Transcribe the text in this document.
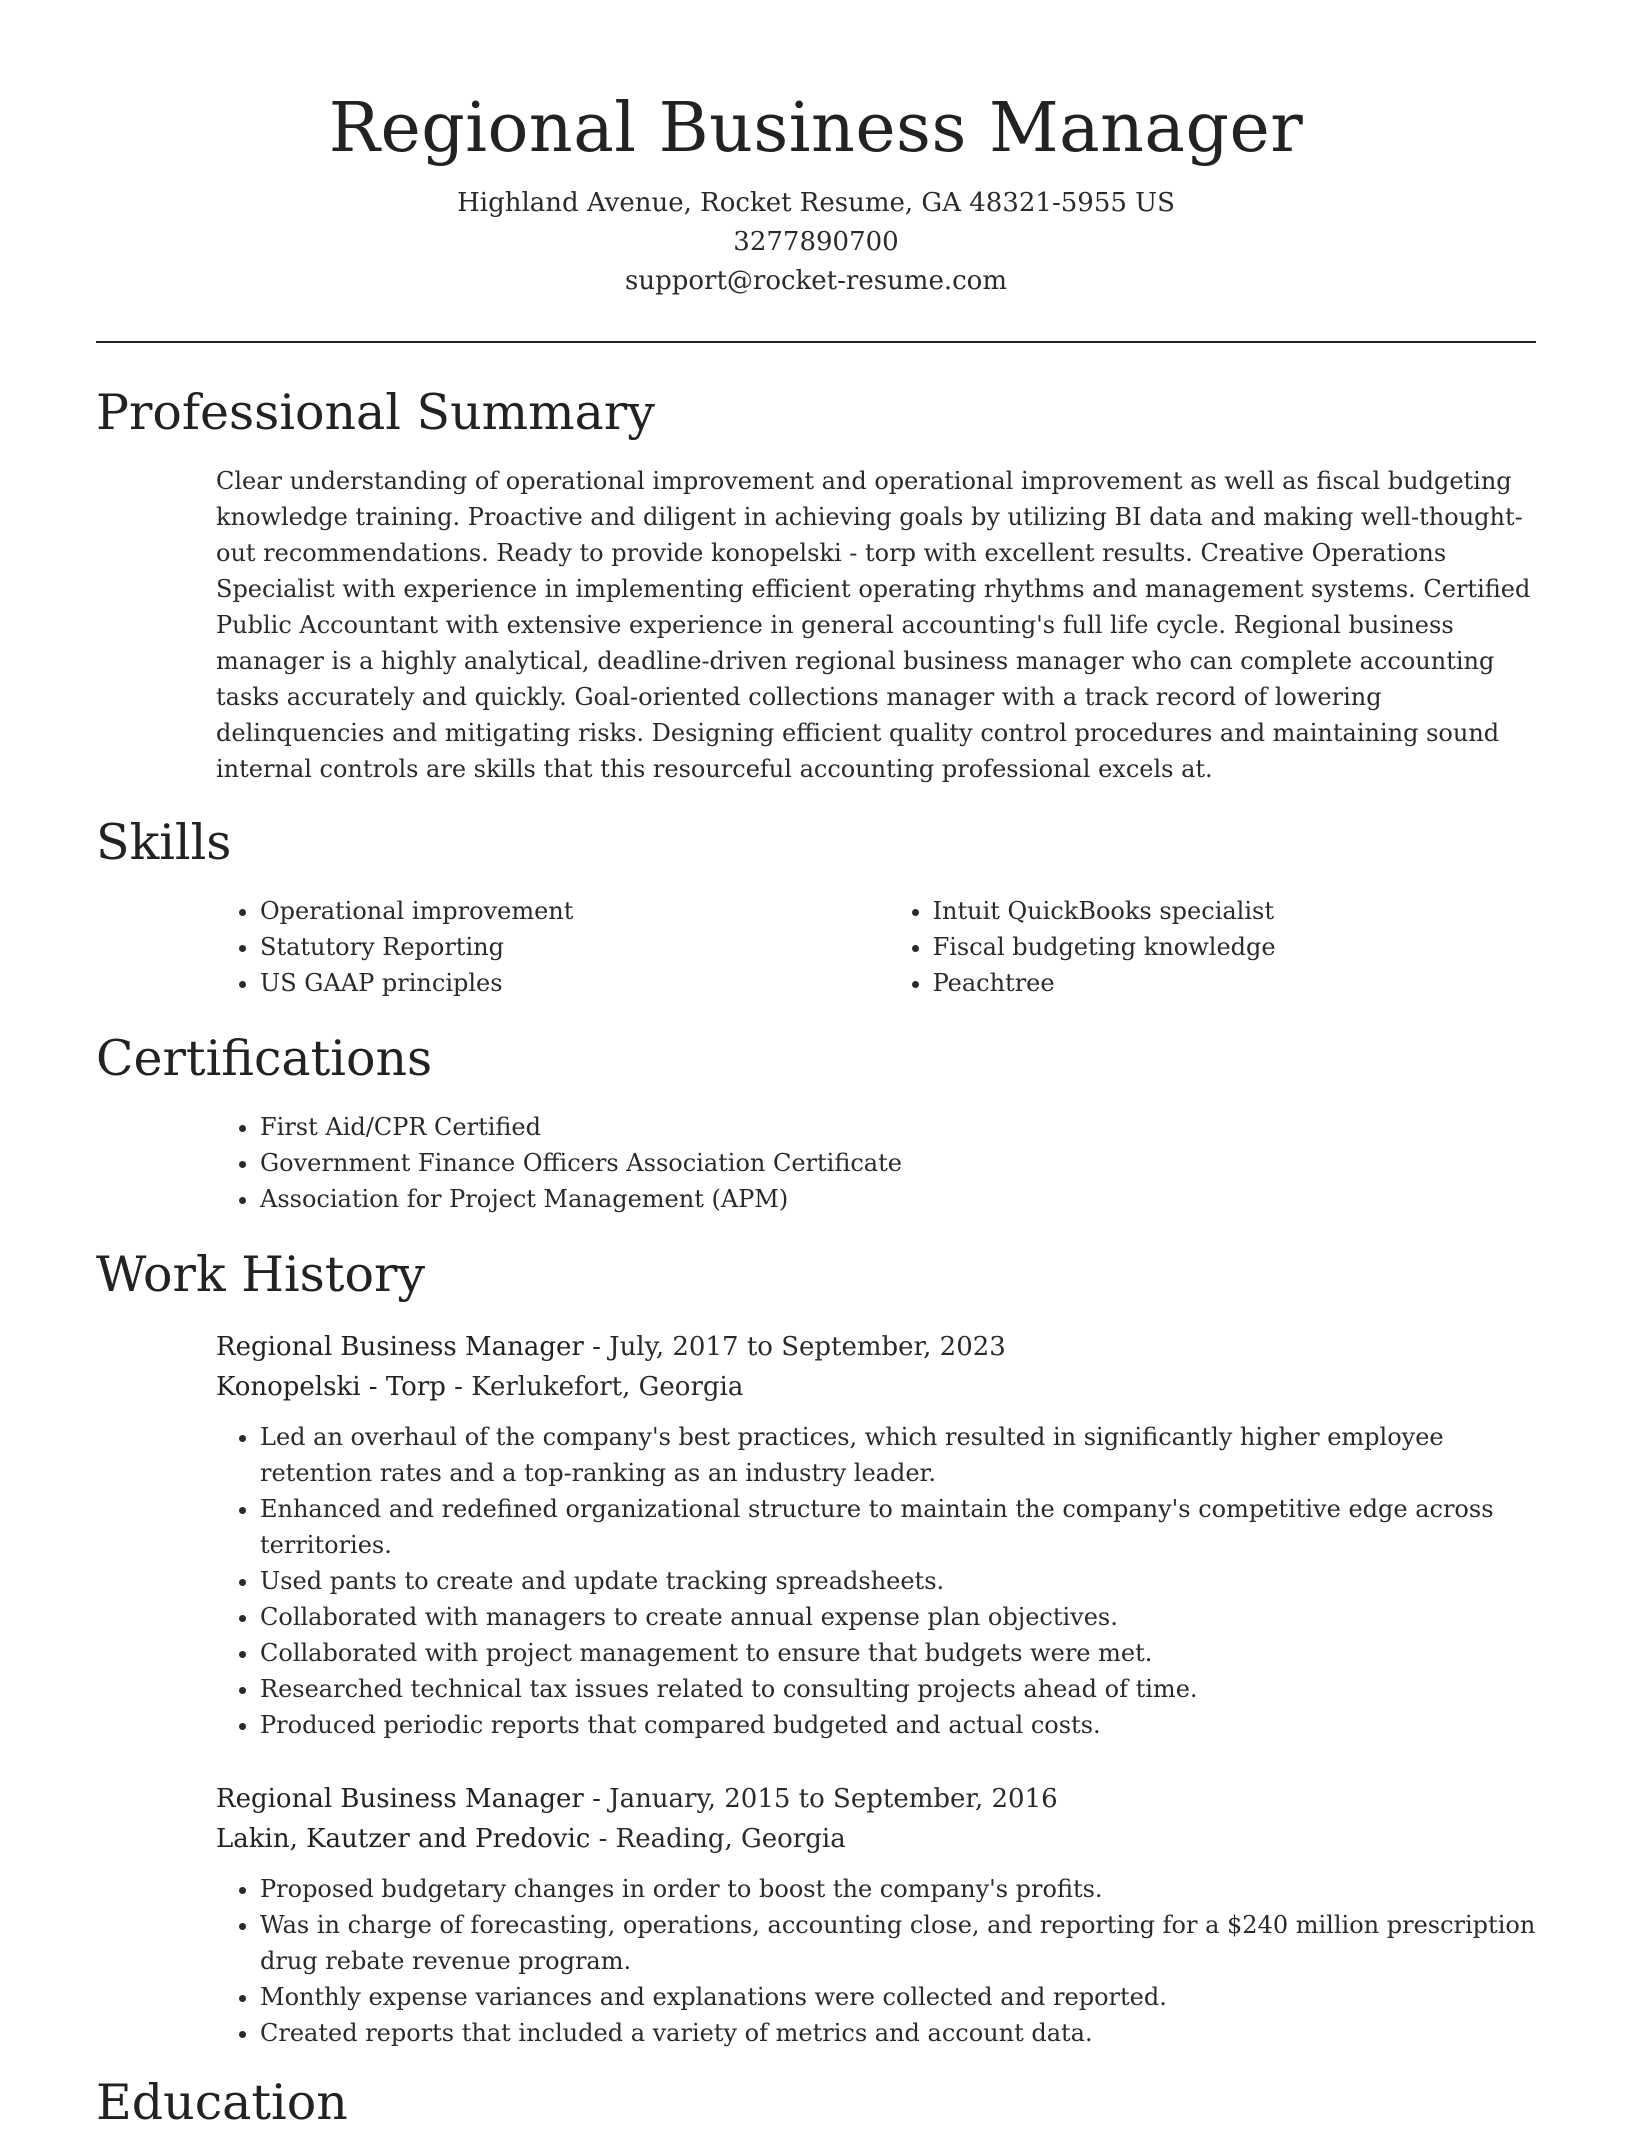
Regional Business Manager
Highland Avenue, Rocket Resume, GA 48321-5955 US
3277890700
support@rocket-resume.com
Professional Summary
Clear understanding of operational improvement and operational improvement as well as fiscal budgeting knowledge training. Proactive and diligent in achieving goals by utilizing BI data and making well-thought-out recommendations. Ready to provide konopelski - torp with excellent results. Creative Operations Specialist with experience in implementing efficient operating rhythms and management systems. Certified Public Accountant with extensive experience in general accounting's full life cycle. Regional business manager is a highly analytical, deadline-driven regional business manager who can complete accounting tasks accurately and quickly. Goal-oriented collections manager with a track record of lowering delinquencies and mitigating risks. Designing efficient quality control procedures and maintaining sound internal controls are skills that this resourceful accounting professional excels at.
Skills
• Operational improvement
• Statutory Reporting
• US GAAP principles
• Intuit QuickBooks specialist
• Fiscal budgeting knowledge
• Peachtree
Certifications
• First Aid/CPR Certified
• Government Finance Officers Association Certificate
• Association for Project Management (APM)
Work History
Regional Business Manager - July, 2017 to September, 2023
Konopelski - Torp - Kerlukefort, Georgia
• Led an overhaul of the company's best practices, which resulted in significantly higher employee retention rates and a top-ranking as an industry leader.
• Enhanced and redefined organizational structure to maintain the company's competitive edge across territories.
• Used pants to create and update tracking spreadsheets.
• Collaborated with managers to create annual expense plan objectives.
• Collaborated with project management to ensure that budgets were met.
• Researched technical tax issues related to consulting projects ahead of time.
• Produced periodic reports that compared budgeted and actual costs.
Regional Business Manager - January, 2015 to September, 2016
Lakin, Kautzer and Predovic - Reading, Georgia
• Proposed budgetary changes in order to boost the company's profits.
• Was in charge of forecasting, operations, accounting close, and reporting for a $240 million prescription drug rebate revenue program.
• Monthly expense variances and explanations were collected and reported.
• Created reports that included a variety of metrics and account data.
Education
